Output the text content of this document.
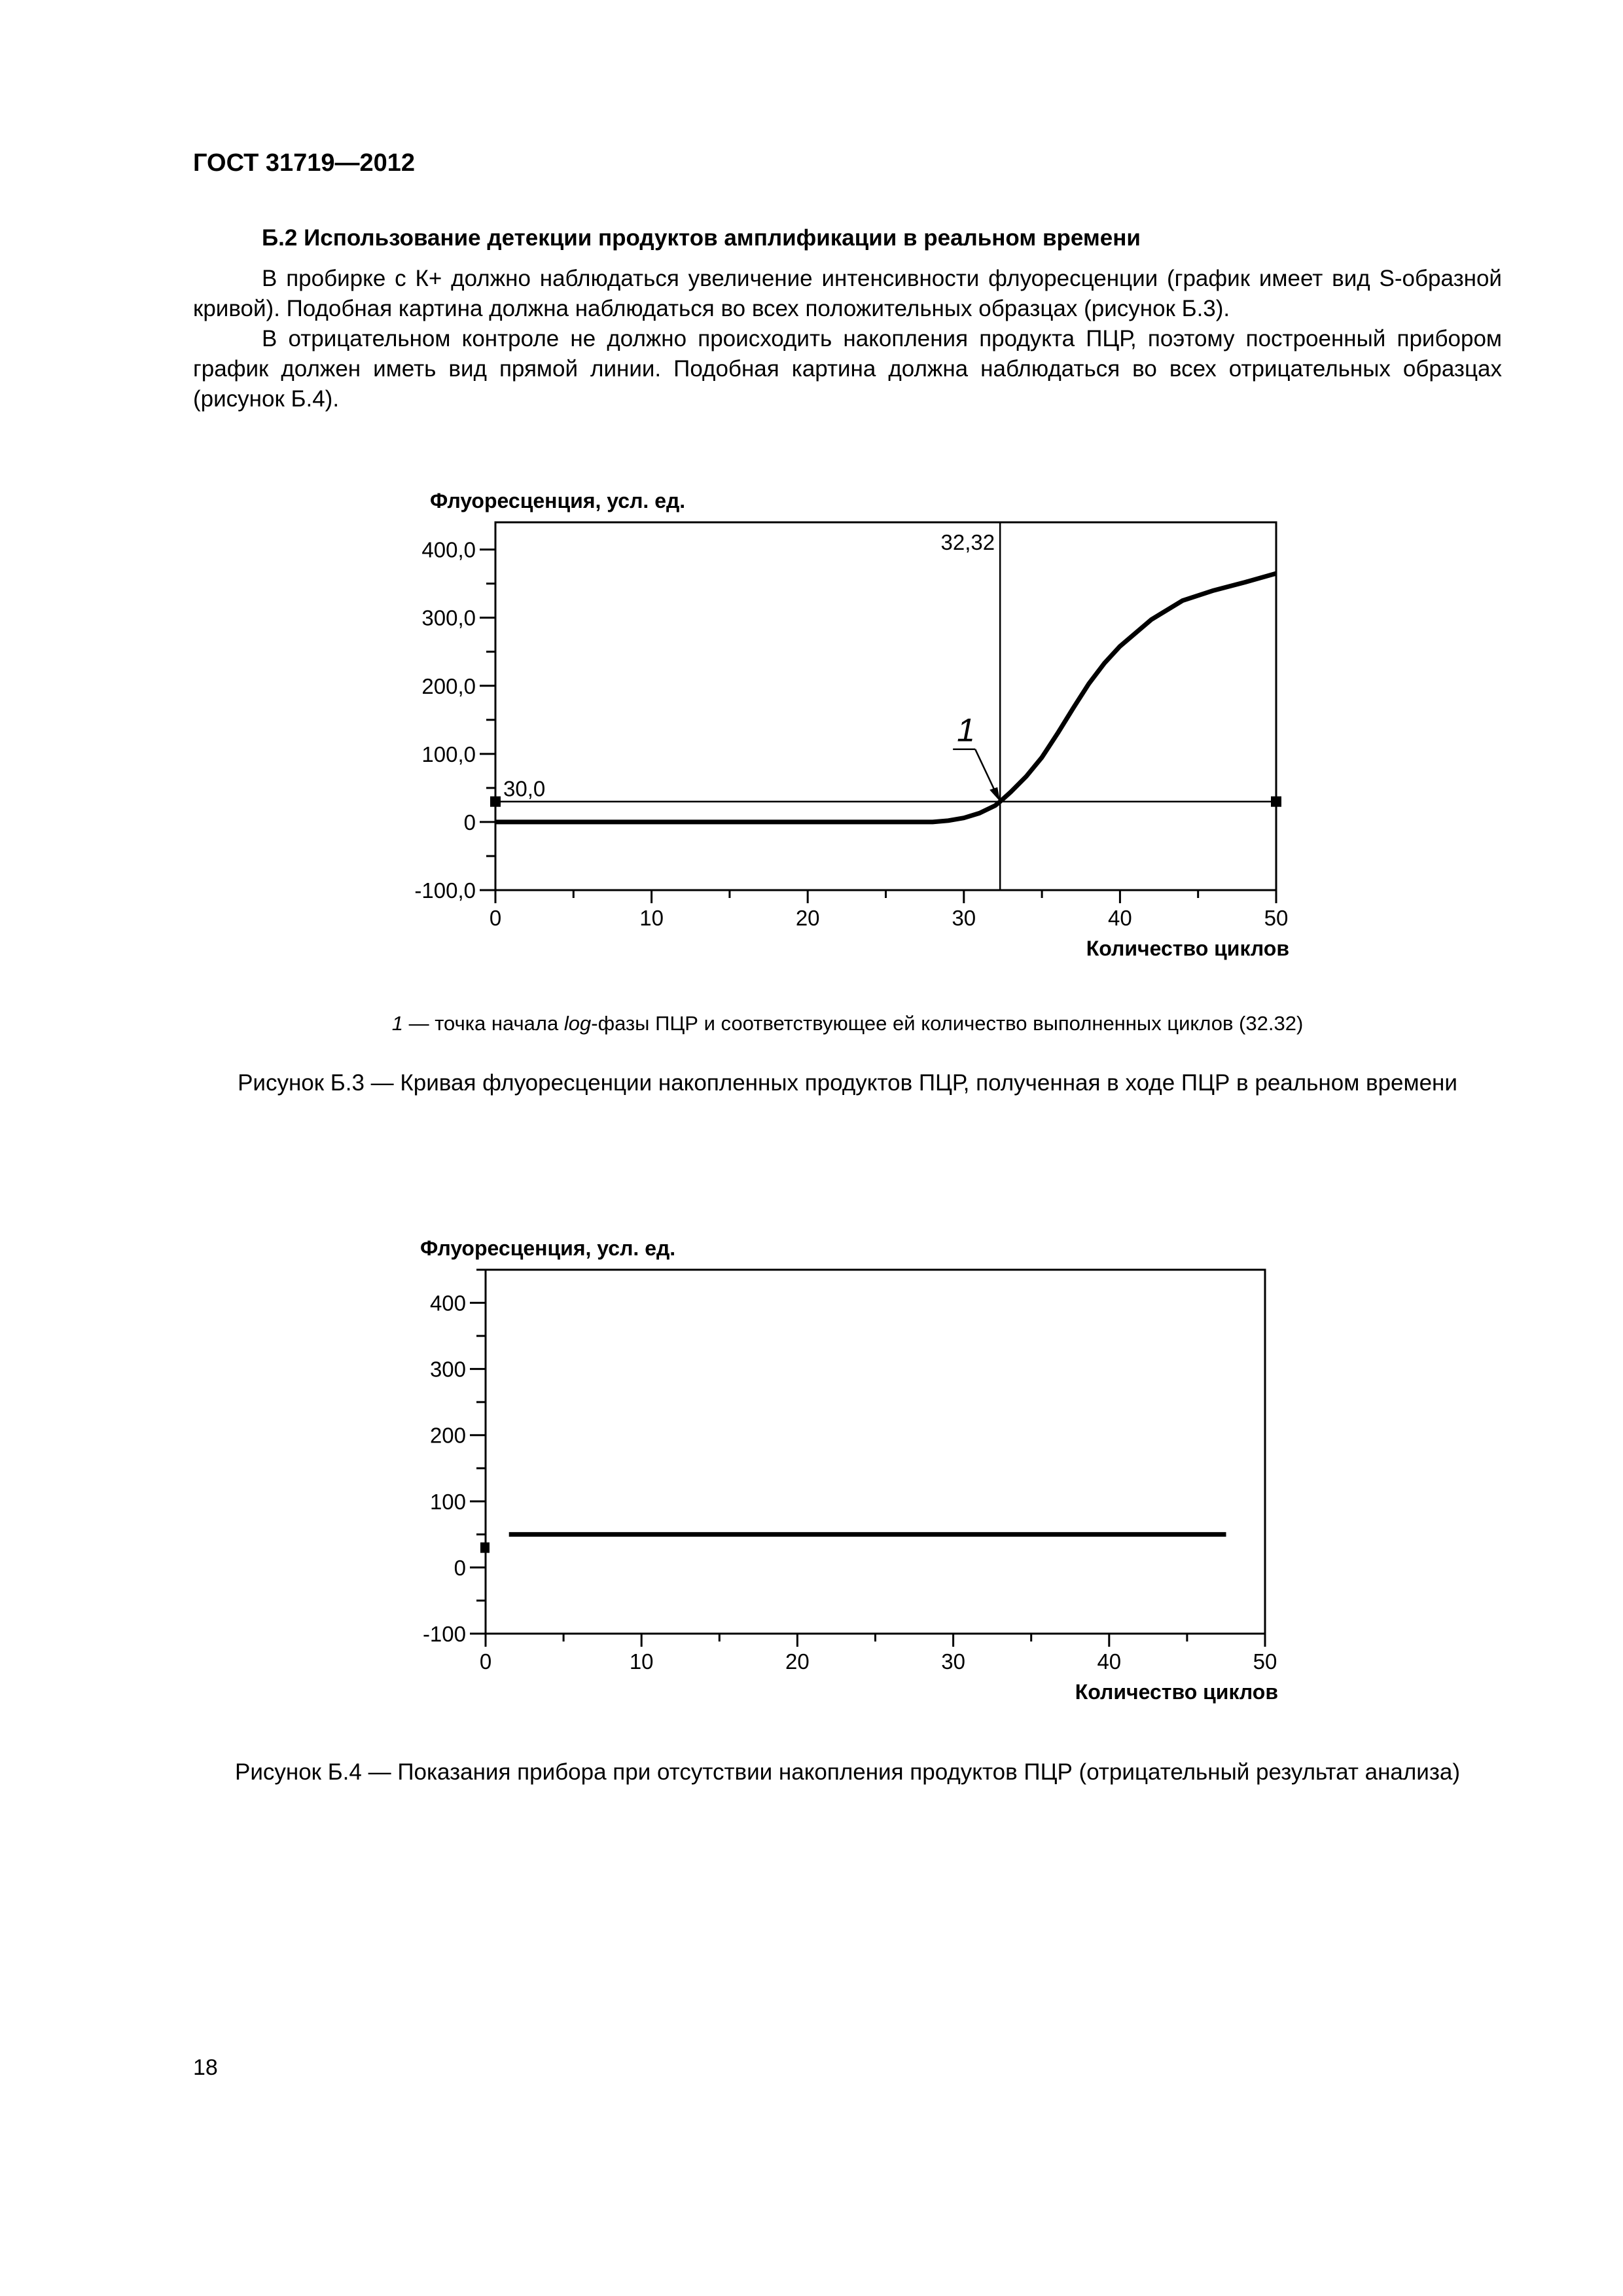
ГОСТ 31719—2012
Б.2 Использование детекции продуктов амплификации в реальном времени
В пробирке с К+ должно наблюдаться увеличение интенсивности флуоресценции (график имеет вид S-образной кривой). Подобная картина должна наблюдаться во всех положительных образцах (рисунок Б.3).
В отрицательном контроле не должно происходить накопления продукта ПЦР, поэтому построенный прибором график должен иметь вид прямой линии. Подобная картина должна наблюдаться во всех отрицательных образцах (рисунок Б.4).
Флуоресценция, усл. ед.
400,0
300,0
200,0
100,0
0
-100,0
0	10	20	30	40	50
Количество циклов
30,0
32,32
1
1 — точка начала log-фазы ПЦР и соответствующее ей количество выполненных циклов (32.32)
Рисунок Б.3 — Кривая флуоресценции накопленных продуктов ПЦР, полученная в ходе ПЦР в реальном времени
Флуоресценция, усл. ед.
400
300
200
100
0
-100
0	10	20	30	40	50
Количество циклов
Рисунок Б.4 — Показания прибора при отсутствии накопления продуктов ПЦР (отрицательный результат анализа)
18
